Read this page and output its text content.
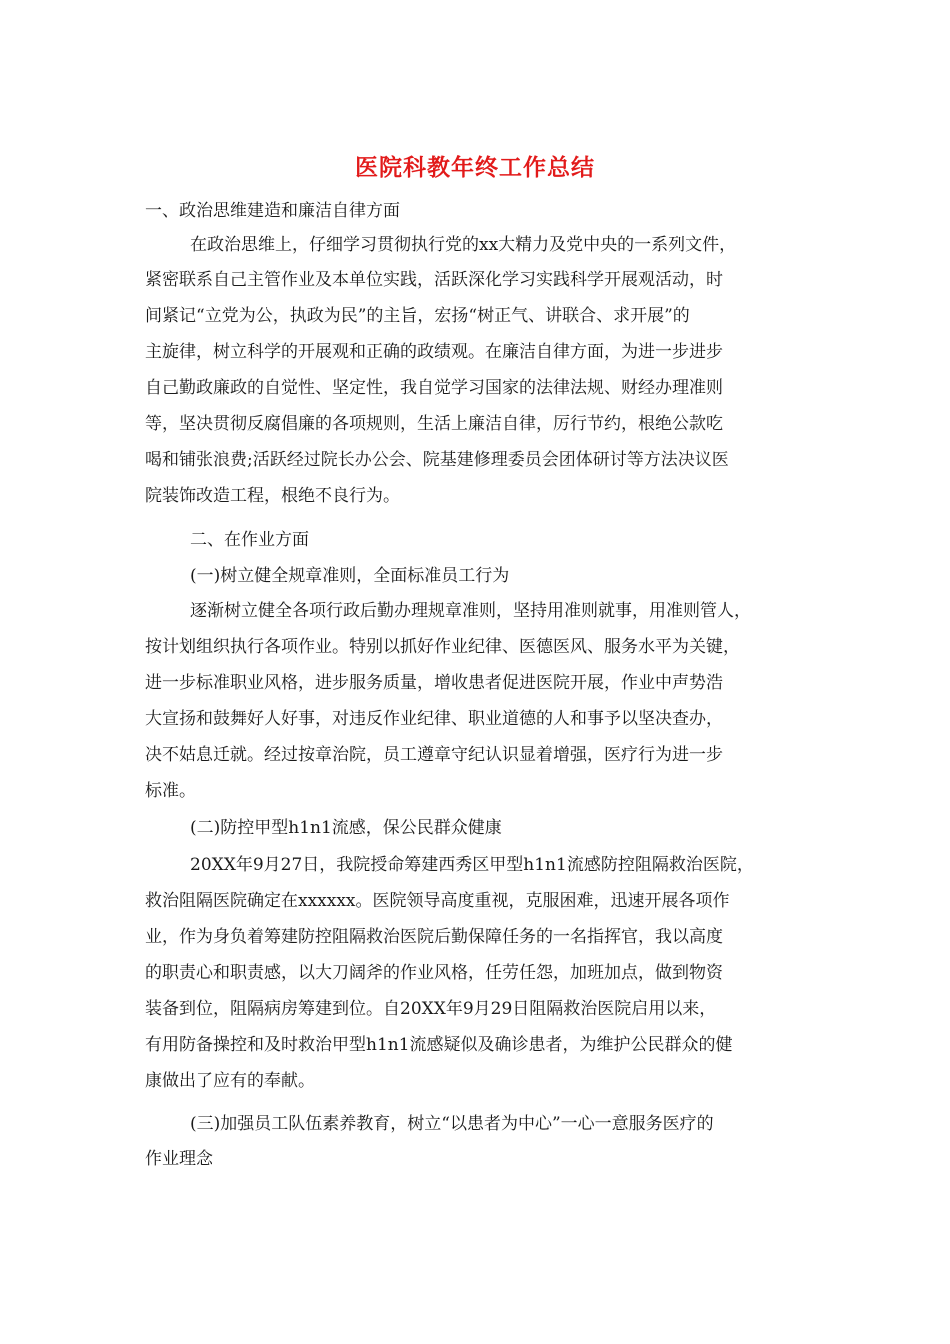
医院科教年终工作总结
一、政治思维建造和廉洁自律方面
在政治思维上，仔细学习贯彻执行党的xx大精力及党中央的一系列文件，
紧密联系自己主管作业及本单位实践，活跃深化学习实践科学开展观活动，时
间紧记“立党为公，执政为民”的主旨，宏扬“树正气、讲联合、求开展”的
主旋律，树立科学的开展观和正确的政绩观。在廉洁自律方面，为进一步进步
自己勤政廉政的自觉性、坚定性，我自觉学习国家的法律法规、财经办理准则
等，坚决贯彻反腐倡廉的各项规则，生活上廉洁自律，厉行节约，根绝公款吃
喝和铺张浪费;活跃经过院长办公会、院基建修理委员会团体研讨等方法决议医
院装饰改造工程，根绝不良行为。
二、在作业方面
(一)树立健全规章准则，全面标准员工行为
逐渐树立健全各项行政后勤办理规章准则，坚持用准则就事，用准则管人，
按计划组织执行各项作业。特别以抓好作业纪律、医德医风、服务水平为关键，
进一步标准职业风格，进步服务质量，增收患者促进医院开展，作业中声势浩
大宣扬和鼓舞好人好事，对违反作业纪律、职业道德的人和事予以坚决查办，
决不姑息迁就。经过按章治院，员工遵章守纪认识显着增强，医疗行为进一步
标准。
(二)防控甲型h1n1流感，保公民群众健康
20XX年9月27日，我院授命筹建西秀区甲型h1n1流感防控阻隔救治医院，
救治阻隔医院确定在xxxxxx。医院领导高度重视，克服困难，迅速开展各项作
业，作为身负着筹建防控阻隔救治医院后勤保障任务的一名指挥官，我以高度
的职责心和职责感，以大刀阔斧的作业风格，任劳任怨，加班加点，做到物资
装备到位，阻隔病房筹建到位。自20XX年9月29日阻隔救治医院启用以来，
有用防备操控和及时救治甲型h1n1流感疑似及确诊患者，为维护公民群众的健
康做出了应有的奉献。
(三)加强员工队伍素养教育，树立“以患者为中心”一心一意服务医疗的
作业理念
